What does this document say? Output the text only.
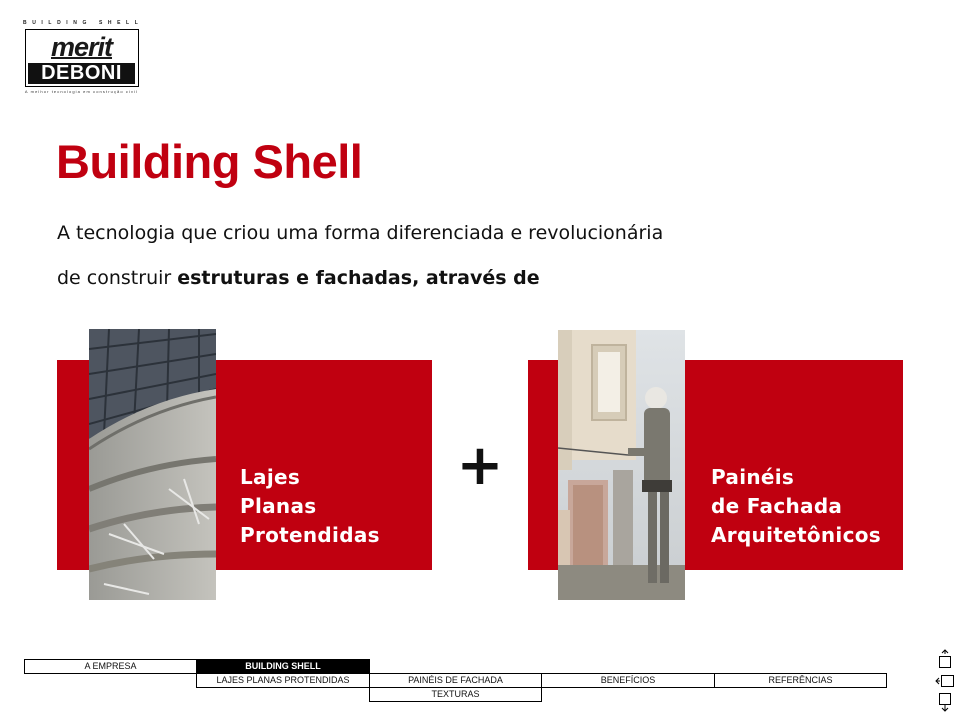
BUILDING SHELL
merit
DEBONI
A melhor tecnologia em construção civil
Building Shell
A tecnologia que criou uma forma diferenciada e revolucionária
de construir estruturas e fachadas, através de
Lajes
Planas
Protendidas
+	Painéis
de Fachada
Arquitetônicos
A EMPRESA	BUILDING SHELL
LAJES PLANAS PROTENDIDAS	PAINÉIS DE FACHADA	BENEFÍCIOS	REFERÊNCIAS
TEXTURAS
